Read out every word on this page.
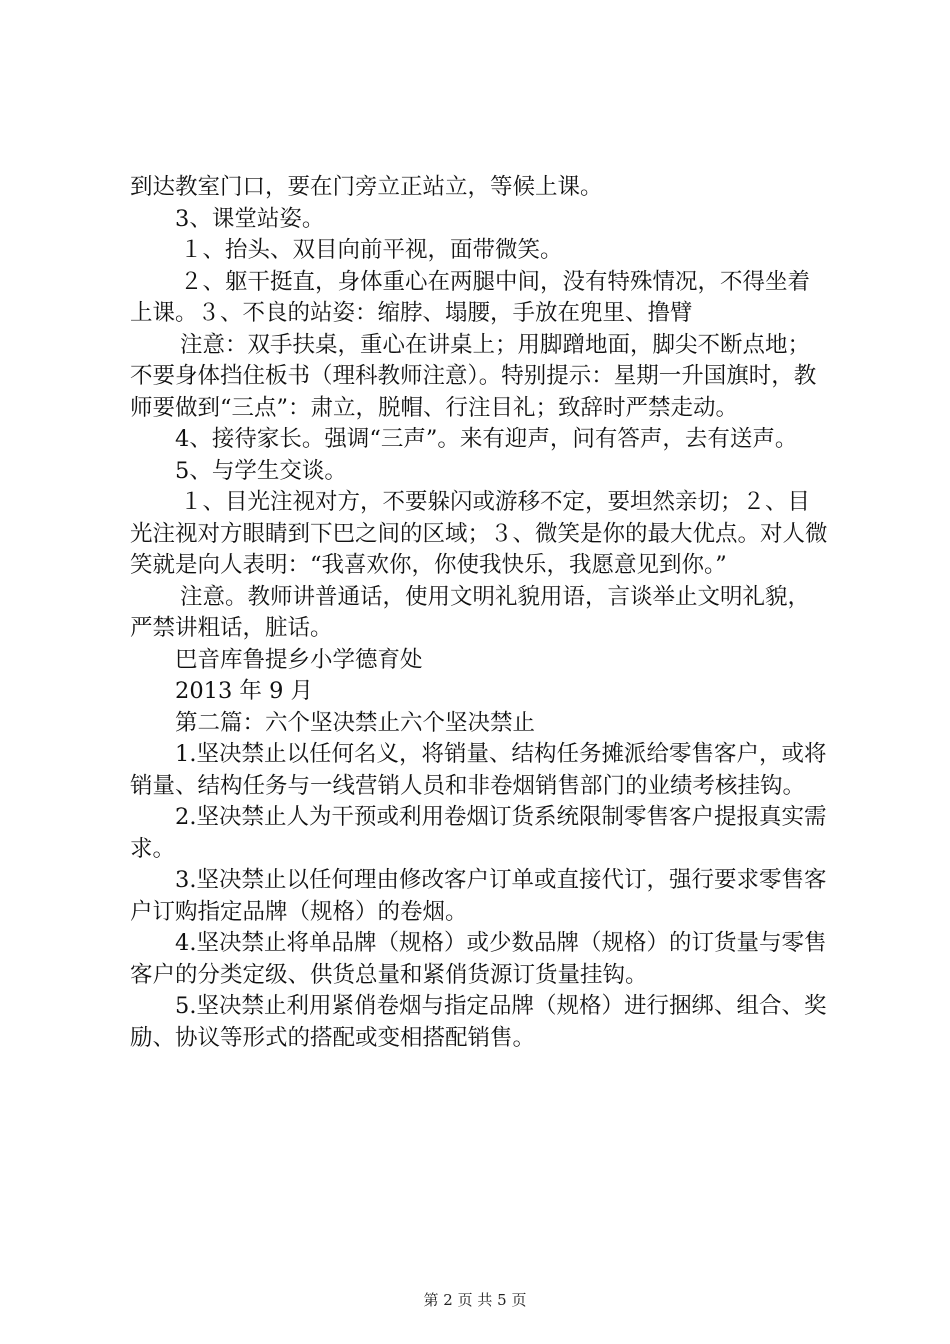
到达教室门口，要在门旁立正站立，等候上课。

3、课堂站姿。

１、抬头、双目向前平视，面带微笑。

２、躯干挺直，身体重心在两腿中间，没有特殊情况，不得坐着上课。３、不良的站姿：缩脖、塌腰，手放在兜里、撸臂

注意：双手扶桌，重心在讲桌上；用脚蹭地面，脚尖不断点地；不要身体挡住板书（理科教师注意）。特别提示：星期一升国旗时，教师要做到“三点”：肃立，脱帽、行注目礼；致辞时严禁走动。

4、接待家长。强调“三声”。来有迎声，问有答声，去有送声。

5、与学生交谈。

１、目光注视对方，不要躲闪或游移不定，要坦然亲切；２、目光注视对方眼睛到下巴之间的区域；３、微笑是你的最大优点。对人微笑就是向人表明：“我喜欢你，你使我快乐，我愿意见到你。”

注意。教师讲普通话，使用文明礼貌用语，言谈举止文明礼貌，严禁讲粗话，脏话。

巴音库鲁提乡小学德育处

2013 年 9 月

第二篇：六个坚决禁止六个坚决禁止

1.坚决禁止以任何名义，将销量、结构任务摊派给零售客户，或将销量、结构任务与一线营销人员和非卷烟销售部门的业绩考核挂钩。

2.坚决禁止人为干预或利用卷烟订货系统限制零售客户提报真实需求。

3.坚决禁止以任何理由修改客户订单或直接代订，强行要求零售客户订购指定品牌（规格）的卷烟。

4.坚决禁止将单品牌（规格）或少数品牌（规格）的订货量与零售客户的分类定级、供货总量和紧俏货源订货量挂钩。

5.坚决禁止利用紧俏卷烟与指定品牌（规格）进行捆绑、组合、奖励、协议等形式的搭配或变相搭配销售。

第 2 页 共 5 页
